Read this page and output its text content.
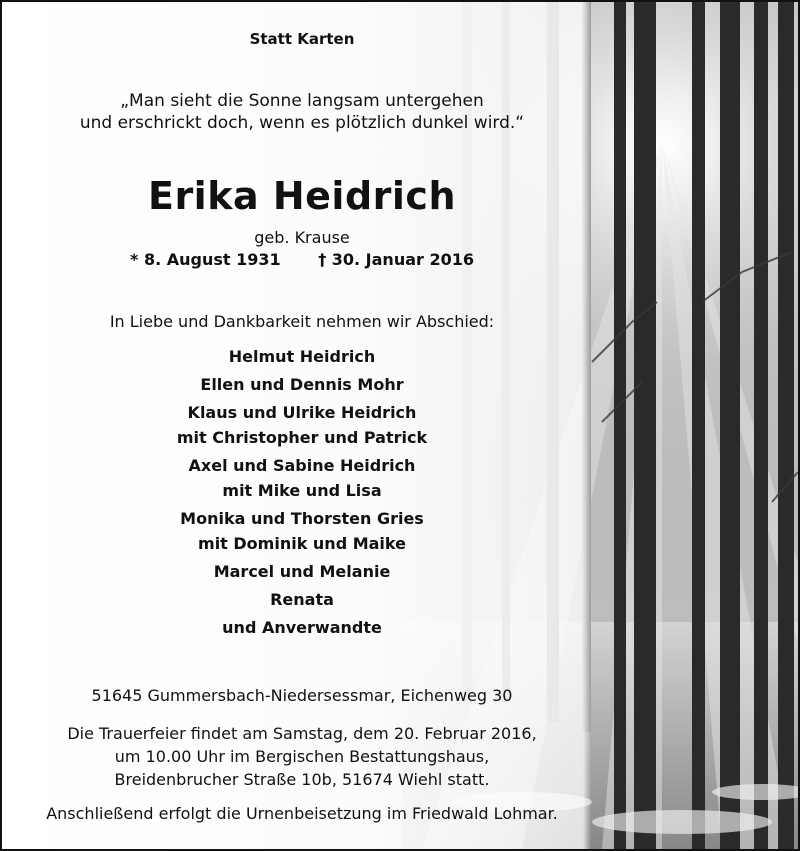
Statt Karten

„Man sieht die Sonne langsam untergehen
und erschrickt doch, wenn es plötzlich dunkel wird.“

Erika Heidrich

geb. Krause

* 8. August 1931 † 30. Januar 2016

In Liebe und Dankbarkeit nehmen wir Abschied:

Helmut Heidrich
Ellen und Dennis Mohr
Klaus und Ulrike Heidrich
mit Christopher und Patrick
Axel und Sabine Heidrich
mit Mike und Lisa
Monika und Thorsten Gries
mit Dominik und Maike
Marcel und Melanie
Renata
und Anverwandte

51645 Gummersbach-Niedersessmar, Eichenweg 30

Die Trauerfeier findet am Samstag, dem 20. Februar 2016,
um 10.00 Uhr im Bergischen Bestattungshaus,
Breidenbrucher Straße 10b, 51674 Wiehl statt.

Anschließend erfolgt die Urnenbeisetzung im Friedwald Lohmar.
